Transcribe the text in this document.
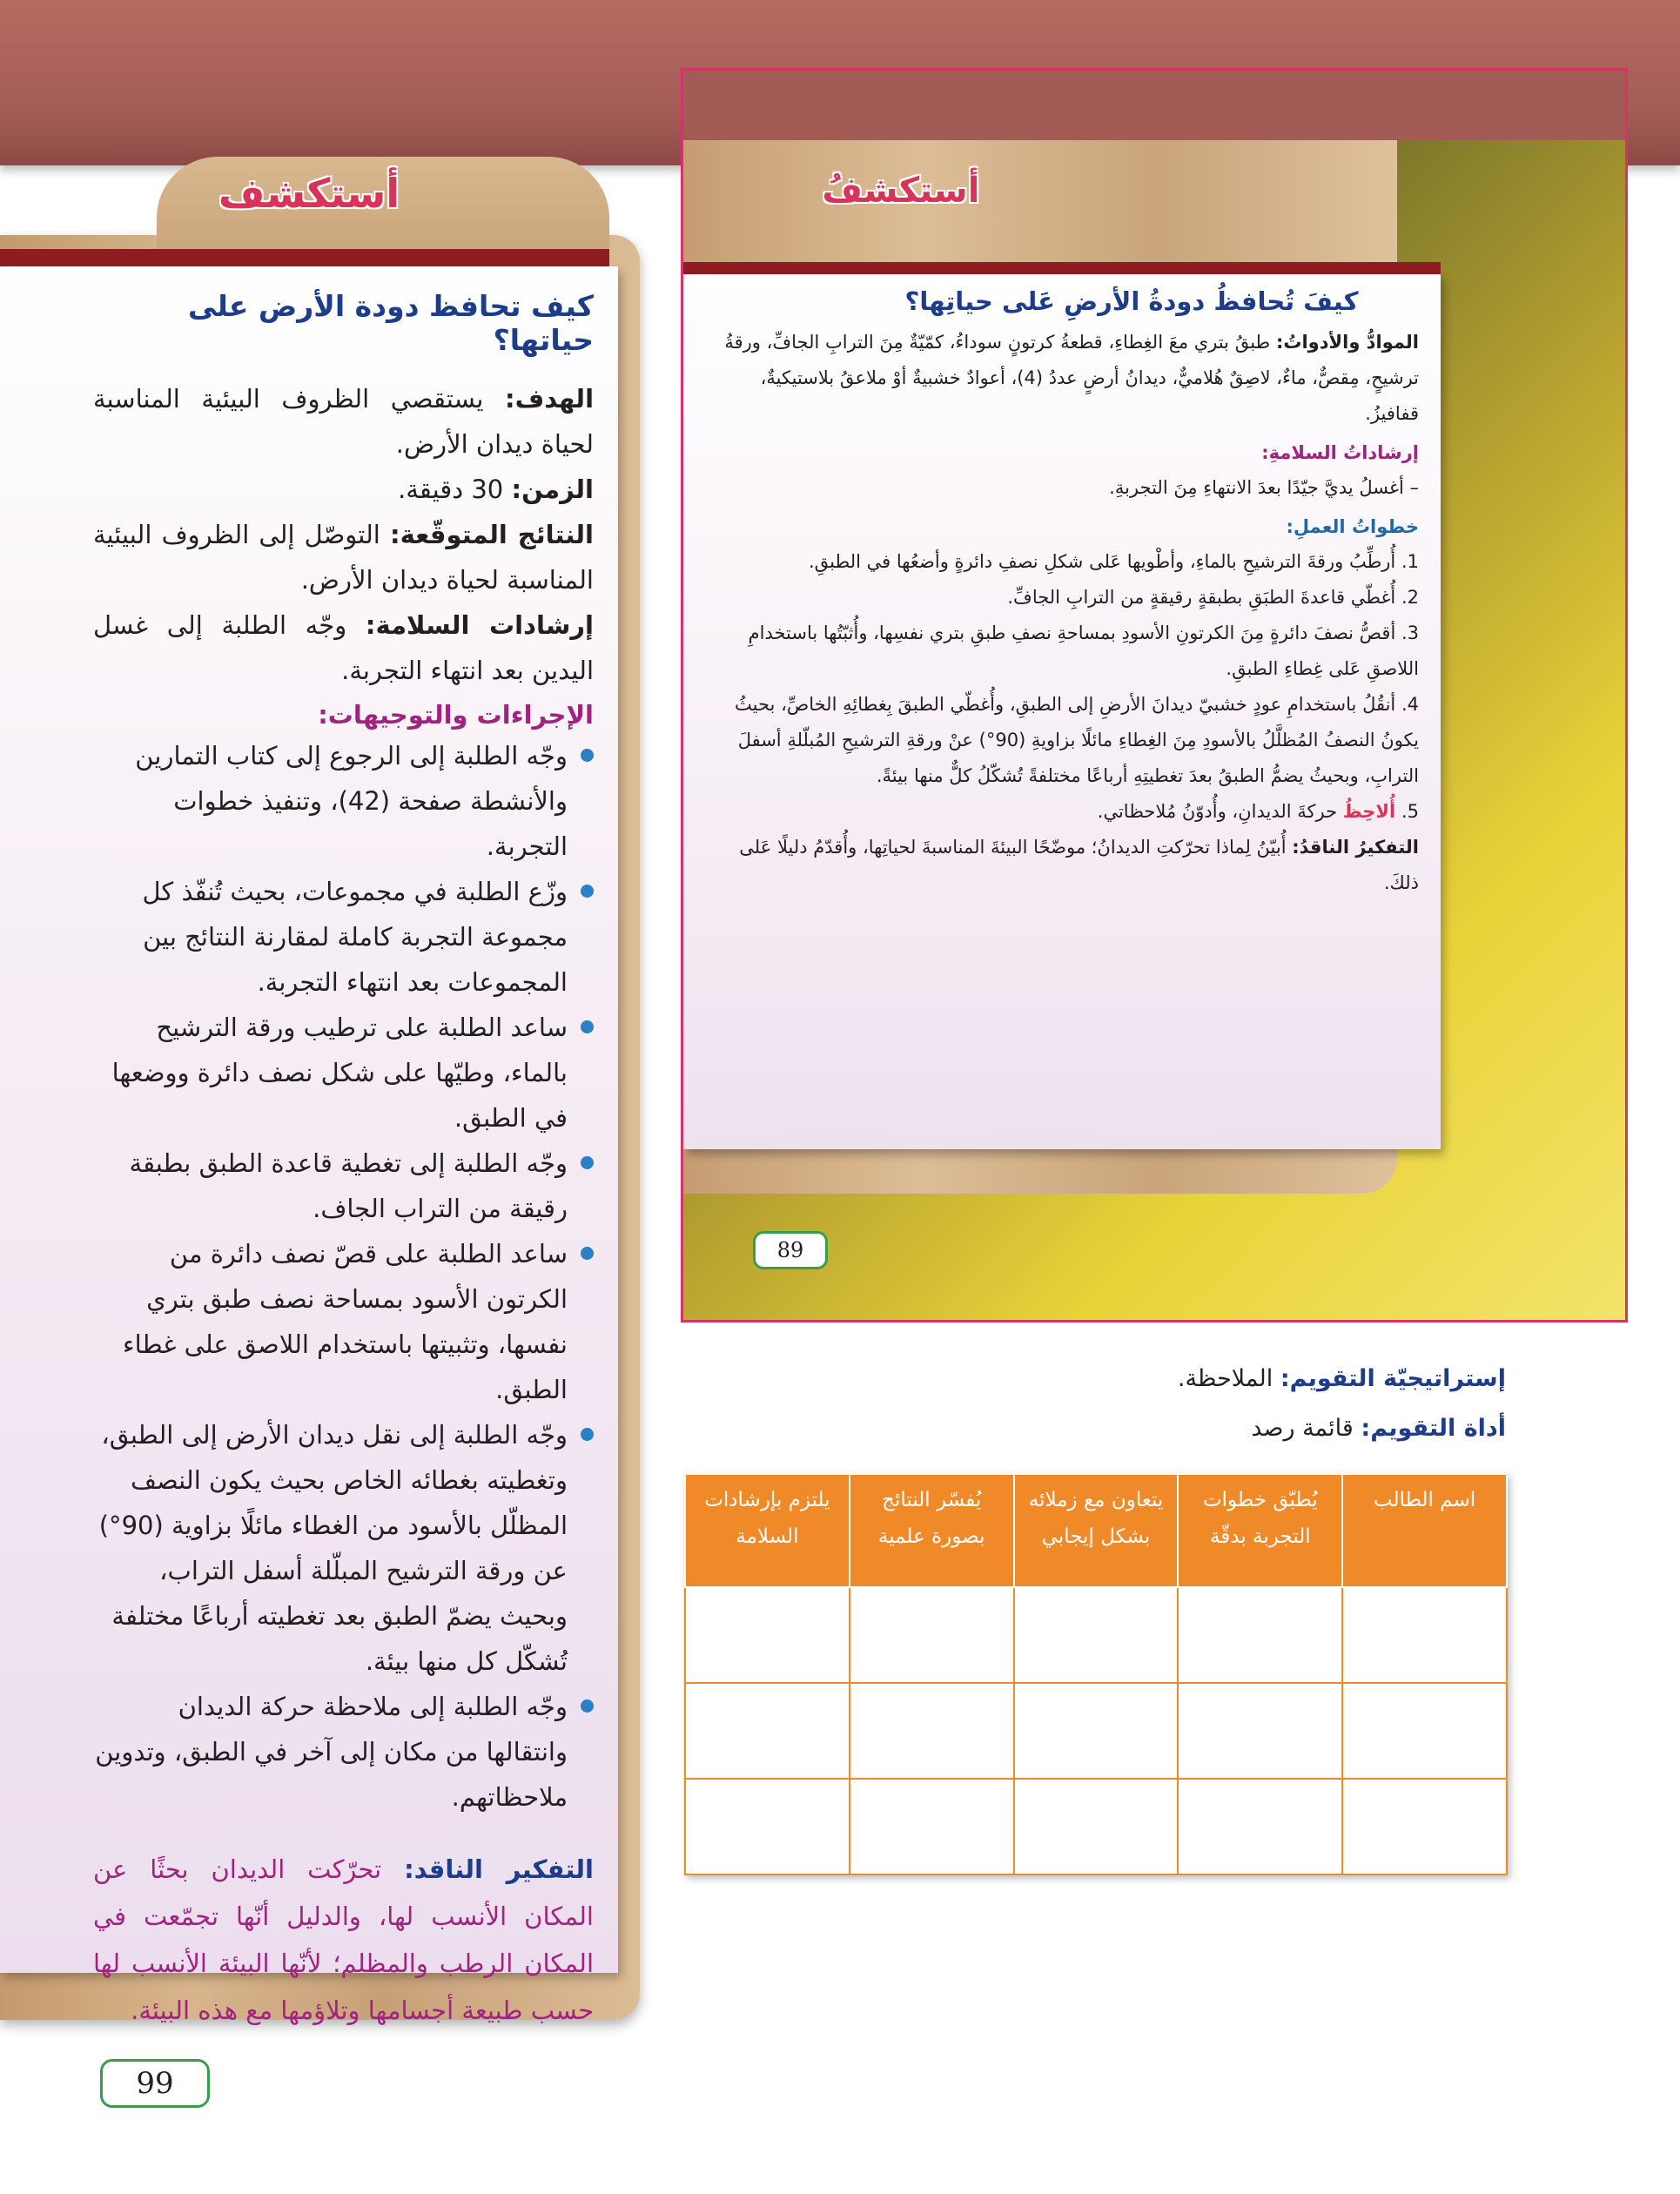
أستكشف
كيف تحافظ دودة الأرض على حياتها؟

الهدف: يستقصي الظروف البيئية المناسبة لحياة ديدان الأرض.

الزمن: 30 دقيقة.

النتائج المتوقّعة: التوصّل إلى الظروف البيئية المناسبة لحياة ديدان الأرض.

إرشادات السلامة: وجّه الطلبة إلى غسل اليدين بعد انتهاء التجربة.

الإجراءات والتوجيهات:
وجّه الطلبة إلى الرجوع إلى كتاب التمارين والأنشطة صفحة (42)، وتنفيذ خطوات التجربة.
وزّع الطلبة في مجموعات، بحيث تُنفّذ كل مجموعة التجربة كاملة لمقارنة النتائج بين المجموعات بعد انتهاء التجربة.
ساعد الطلبة على ترطيب ورقة الترشيح بالماء، وطيّها على شكل نصف دائرة ووضعها في الطبق.
وجّه الطلبة إلى تغطية قاعدة الطبق بطبقة رقيقة من التراب الجاف.
ساعد الطلبة على قصّ نصف دائرة من الكرتون الأسود بمساحة نصف طبق بتري نفسها، وتثبيتها باستخدام اللاصق على غطاء الطبق.
وجّه الطلبة إلى نقل ديدان الأرض إلى الطبق، وتغطيته بغطائه الخاص بحيث يكون النصف المظلّل بالأسود من الغطاء مائلًا بزاوية (90°) عن ورقة الترشيح المبلّلة أسفل التراب، وبحيث يضمّ الطبق بعد تغطيته أرباعًا مختلفة تُشكّل كل منها بيئة.
وجّه الطلبة إلى ملاحظة حركة الديدان وانتقالها من مكان إلى آخر في الطبق، وتدوين ملاحظاتهم.
التفكير الناقد: تحرّكت الديدان بحثًا عن المكان الأنسب لها، والدليل أنّها تجمّعت في المكان الرطب والمظلم؛ لأنّها البيئة الأنسب لها حسب طبيعة أجسامها وتلاؤمها مع هذه البيئة.
99
أستكشفُ
كيفَ تُحافظُ دودةُ الأرضِ عَلى حياتِها؟

الموادُّ والأدواتُ: طبقُ بتري معَ الغِطاءِ، قطعةُ كرتونٍ سوداءُ، كمّيّةٌ مِنَ الترابِ الجافِّ، ورقةُ ترشيحٍ، مِقصٌّ، ماءٌ، لاصِقٌ هُلاميٌّ، ديدانُ أرضٍ عددُ (4)، أعوادٌ خشبيةٌ أوْ ملاعقُ بلاستيكيةٌ، قفافيزُ.

إرشاداتُ السلامةِ:

– أغسلُ يديَّ جيّدًا بعدَ الانتهاءِ مِنَ التجربةِ.

خطواتُ العملِ:

1. أُرطِّبُ ورقةَ الترشيحِ بالماءِ، وأطْويها عَلى شكلِ نصفِ دائرةٍ وأضعُها في الطبقِ.

2. أُغطّي قاعدةَ الطبَقِ بطبقةٍ رقيقةٍ من الترابِ الجافِّ.

3. أقصُّ نصفَ دائرةٍ مِنَ الكرتونِ الأسودِ بمساحةِ نصفِ طبقِ بتري نفسِها، وأُثبّتُها باستخدامِ اللاصقِ عَلى غِطاءِ الطبقِ.

4. أنقُلُ باستخدامِ عودٍ خشبيّ ديدانَ الأرضِ إلى الطبقِ، وأُغطّي الطبقَ بِغطائِهِ الخاصِّ، بحيثُ يكونُ النصفُ المُظلَّلُ بالأسودِ مِنَ الغِطاءِ مائلًا بزاويةِ (90°) عنْ ورقةِ الترشيحِ المُبلّلةِ أسفلَ الترابِ، وبحيثُ يضمُّ الطبقُ بعدَ تغطيتِهِ أرباعًا مختلفةً تُشكّلُ كلٌّ منها بيئةً.

5. أُلاحِظُ حركةَ الديدانِ، وأُدوّنُ مُلاحظاتي.

التفكيرُ الناقدُ: أُبيّنُ لِماذا تحرّكتِ الديدانُ؛ موضّحًا البيئةَ المناسبةَ لحياتِها، وأُقدّمُ دليلًا عَلى ذلكَ.

89
إستراتيجيّة التقويم: الملاحظة.
أداة التقويم: قائمة رصد
اسم الطالب	يُطبّق خطوات التجربة بدقّة	يتعاون مع زملائه بشكل إيجابي	يُفسّر النتائج بصورة علمية	يلتزم بإرشادات السلامة
